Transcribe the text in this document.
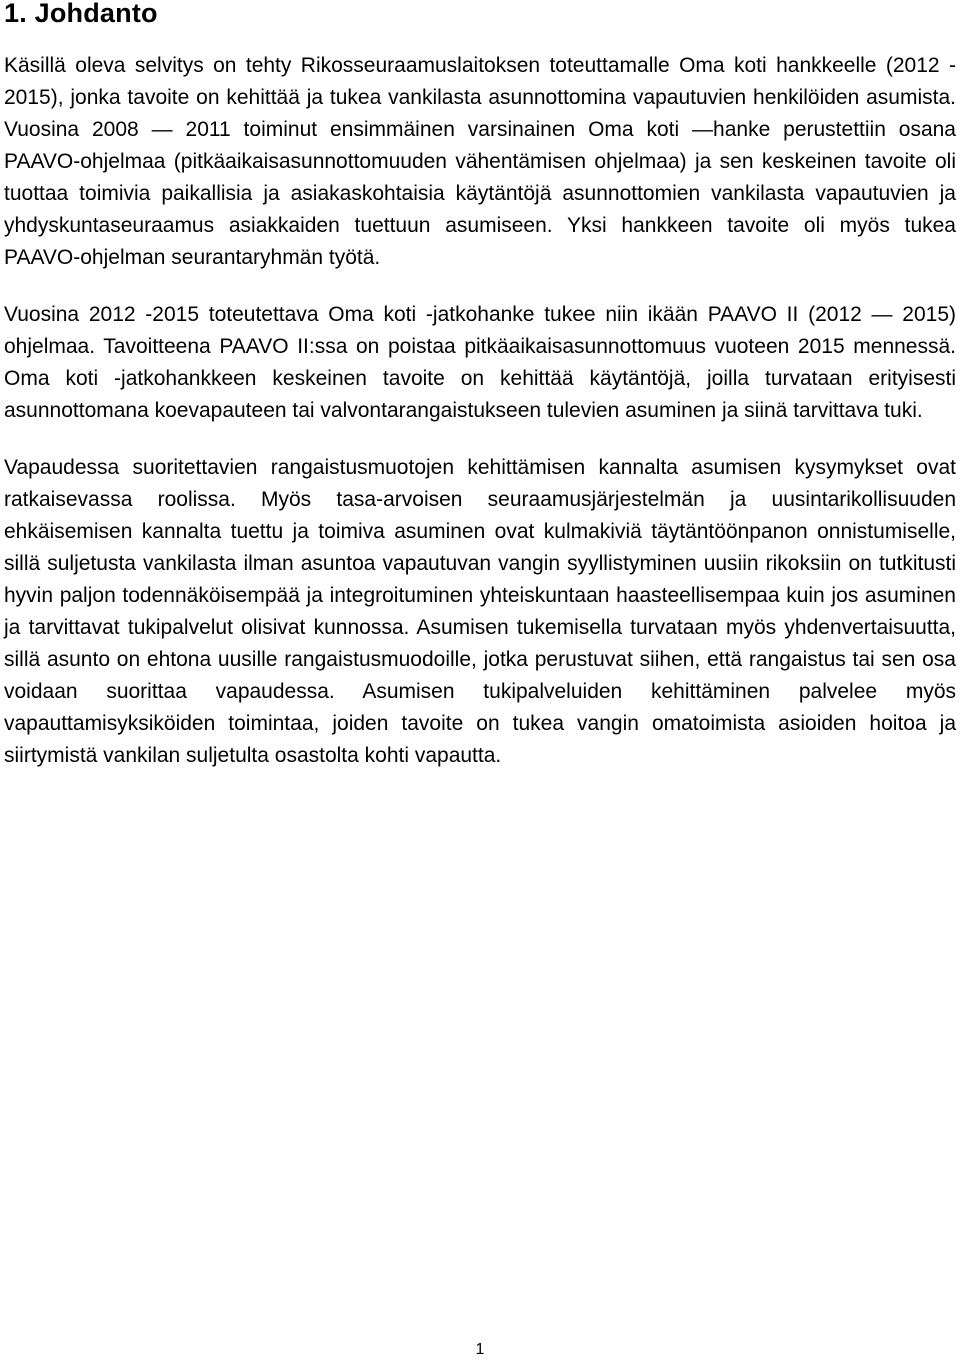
1. Johdanto

Käsillä oleva selvitys on tehty Rikosseuraamuslaitoksen toteuttamalle Oma koti hankkeelle (2012 - 2015), jonka tavoite on kehittää ja tukea vankilasta asunnottomina vapautuvien henkilöiden asumista. Vuosina 2008 ― 2011 toiminut ensimmäinen varsinainen Oma koti ―hanke perustettiin osana PAAVO-ohjelmaa (pitkäaikaisasunnottomuuden vähentämisen ohjelmaa) ja sen keskeinen tavoite oli tuottaa toimivia paikallisia ja asiakaskohtaisia käytäntöjä asunnottomien vankilasta vapautuvien ja yhdyskuntaseuraamus asiakkaiden tuettuun asumiseen. Yksi hankkeen tavoite oli myös tukea PAAVO-ohjelman seurantaryhmän työtä.

Vuosina 2012 -2015 toteutettava Oma koti -jatkohanke tukee niin ikään PAAVO II (2012 ― 2015) ohjelmaa. Tavoitteena PAAVO II:ssa on poistaa pitkäaikaisasunnottomuus vuoteen 2015 mennessä. Oma koti -jatkohankkeen keskeinen tavoite on kehittää käytäntöjä, joilla turvataan erityisesti asunnottomana koevapauteen tai valvontarangaistukseen tulevien asuminen ja siinä tarvittava tuki.

Vapaudessa suoritettavien rangaistusmuotojen kehittämisen kannalta asumisen kysymykset ovat ratkaisevassa roolissa. Myös tasa-arvoisen seuraamusjärjestelmän ja uusintarikollisuuden ehkäisemisen kannalta tuettu ja toimiva asuminen ovat kulmakiviä täytäntöönpanon onnistumiselle, sillä suljetusta vankilasta ilman asuntoa vapautuvan vangin syyllistyminen uusiin rikoksiin on tutkitusti hyvin paljon todennäköisempää ja integroituminen yhteiskuntaan haasteellisempaa kuin jos asuminen ja tarvittavat tukipalvelut olisivat kunnossa. Asumisen tukemisella turvataan myös yhdenvertaisuutta, sillä asunto on ehtona uusille rangaistusmuodoille, jotka perustuvat siihen, että rangaistus tai sen osa voidaan suorittaa vapaudessa. Asumisen tukipalveluiden kehittäminen palvelee myös vapauttamisyksiköiden toimintaa, joiden tavoite on tukea vangin omatoimista asioiden hoitoa ja siirtymistä vankilan suljetulta osastolta kohti vapautta.

1
